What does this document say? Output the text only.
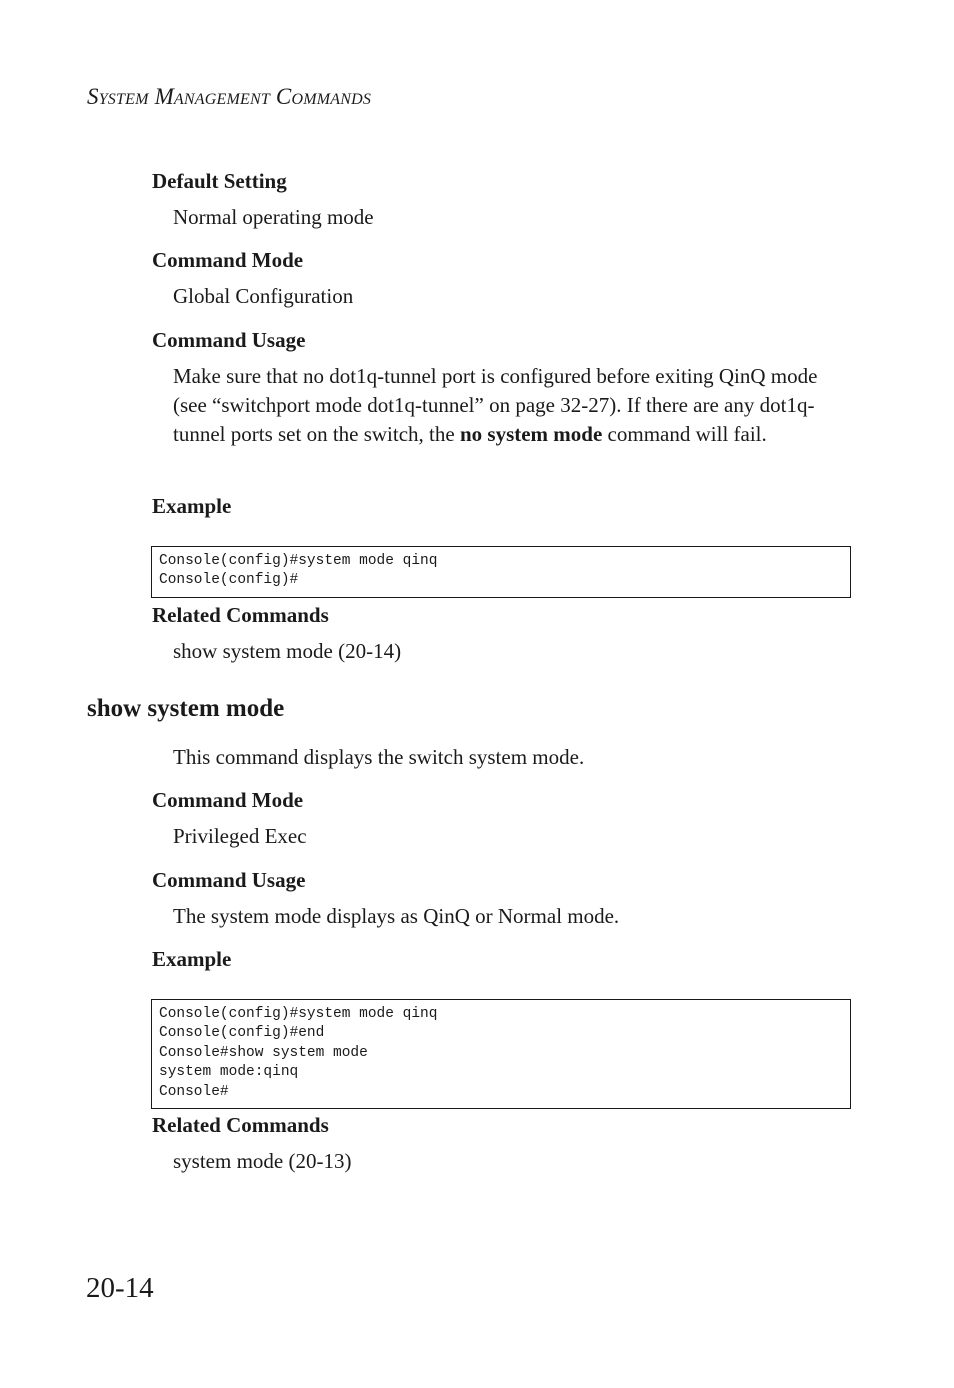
SYSTEM MANAGEMENT COMMANDS
Default Setting
Normal operating mode
Command Mode
Global Configuration
Command Usage
Make sure that no dot1q-tunnel port is configured before exiting QinQ mode (see “switchport mode dot1q-tunnel” on page 32-27). If there are any dot1q-tunnel ports set on the switch, the no system mode command will fail.
Example
Console(config)#system mode qinq
Console(config)#
Related Commands
show system mode (20-14)
show system mode
This command displays the switch system mode.
Command Mode
Privileged Exec
Command Usage
The system mode displays as QinQ or Normal mode.
Example
Console(config)#system mode qinq
Console(config)#end
Console#show system mode
system mode:qinq
Console#
Related Commands
system mode (20-13)
20-14
